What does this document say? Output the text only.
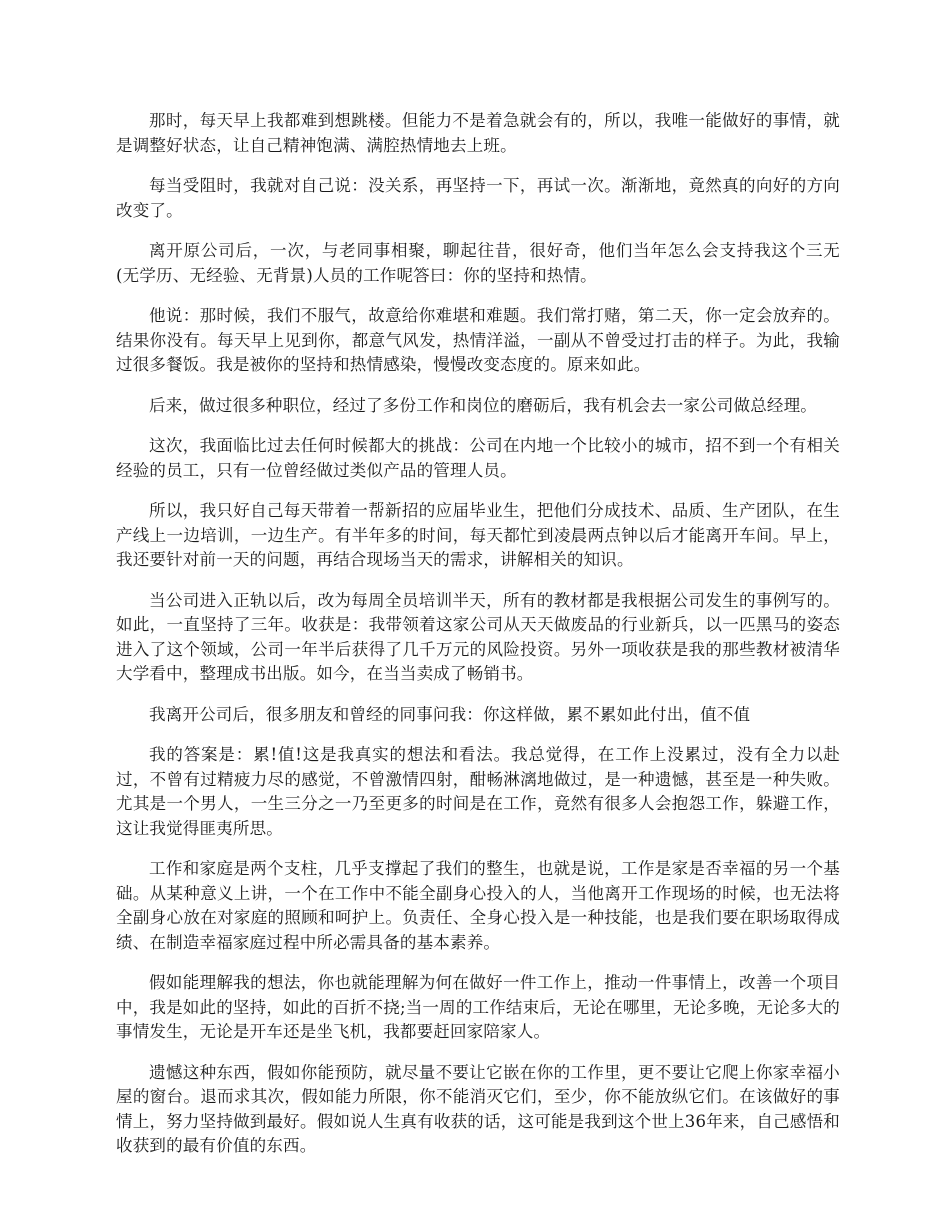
那时，每天早上我都难到想跳楼。但能力不是着急就会有的，所以，我唯一能做好的事情，就是调整好状态，让自己精神饱满、满腔热情地去上班。

每当受阻时，我就对自己说：没关系，再坚持一下，再试一次。渐渐地，竟然真的向好的方向改变了。

离开原公司后，一次，与老同事相聚，聊起往昔，很好奇，他们当年怎么会支持我这个三无(无学历、无经验、无背景)人员的工作呢答曰：你的坚持和热情。

他说：那时候，我们不服气，故意给你难堪和难题。我们常打赌，第二天，你一定会放弃的。结果你没有。每天早上见到你，都意气风发，热情洋溢，一副从不曾受过打击的样子。为此，我输过很多餐饭。我是被你的坚持和热情感染，慢慢改变态度的。原来如此。

后来，做过很多种职位，经过了多份工作和岗位的磨砺后，我有机会去一家公司做总经理。

这次，我面临比过去任何时候都大的挑战：公司在内地一个比较小的城市，招不到一个有相关经验的员工，只有一位曾经做过类似产品的管理人员。

所以，我只好自己每天带着一帮新招的应届毕业生，把他们分成技术、品质、生产团队，在生产线上一边培训，一边生产。有半年多的时间，每天都忙到凌晨两点钟以后才能离开车间。早上，我还要针对前一天的问题，再结合现场当天的需求，讲解相关的知识。

当公司进入正轨以后，改为每周全员培训半天，所有的教材都是我根据公司发生的事例写的。如此，一直坚持了三年。收获是：我带领着这家公司从天天做废品的行业新兵，以一匹黑马的姿态进入了这个领域，公司一年半后获得了几千万元的风险投资。另外一项收获是我的那些教材被清华大学看中，整理成书出版。如今，在当当卖成了畅销书。

我离开公司后，很多朋友和曾经的同事问我：你这样做，累不累如此付出，值不值

我的答案是：累!值!这是我真实的想法和看法。我总觉得，在工作上没累过，没有全力以赴过，不曾有过精疲力尽的感觉，不曾激情四射，酣畅淋漓地做过，是一种遗憾，甚至是一种失败。尤其是一个男人，一生三分之一乃至更多的时间是在工作，竟然有很多人会抱怨工作，躲避工作，这让我觉得匪夷所思。

工作和家庭是两个支柱，几乎支撑起了我们的整生，也就是说，工作是家是否幸福的另一个基础。从某种意义上讲，一个在工作中不能全副身心投入的人，当他离开工作现场的时候，也无法将全副身心放在对家庭的照顾和呵护上。负责任、全身心投入是一种技能，也是我们要在职场取得成绩、在制造幸福家庭过程中所必需具备的基本素养。

假如能理解我的想法，你也就能理解为何在做好一件工作上，推动一件事情上，改善一个项目中，我是如此的坚持，如此的百折不挠;当一周的工作结束后，无论在哪里，无论多晚，无论多大的事情发生，无论是开车还是坐飞机，我都要赶回家陪家人。

遗憾这种东西，假如你能预防，就尽量不要让它嵌在你的工作里，更不要让它爬上你家幸福小屋的窗台。退而求其次，假如能力所限，你不能消灭它们，至少，你不能放纵它们。在该做好的事情上，努力坚持做到最好。假如说人生真有收获的话，这可能是我到这个世上36年来，自己感悟和收获到的最有价值的东西。
